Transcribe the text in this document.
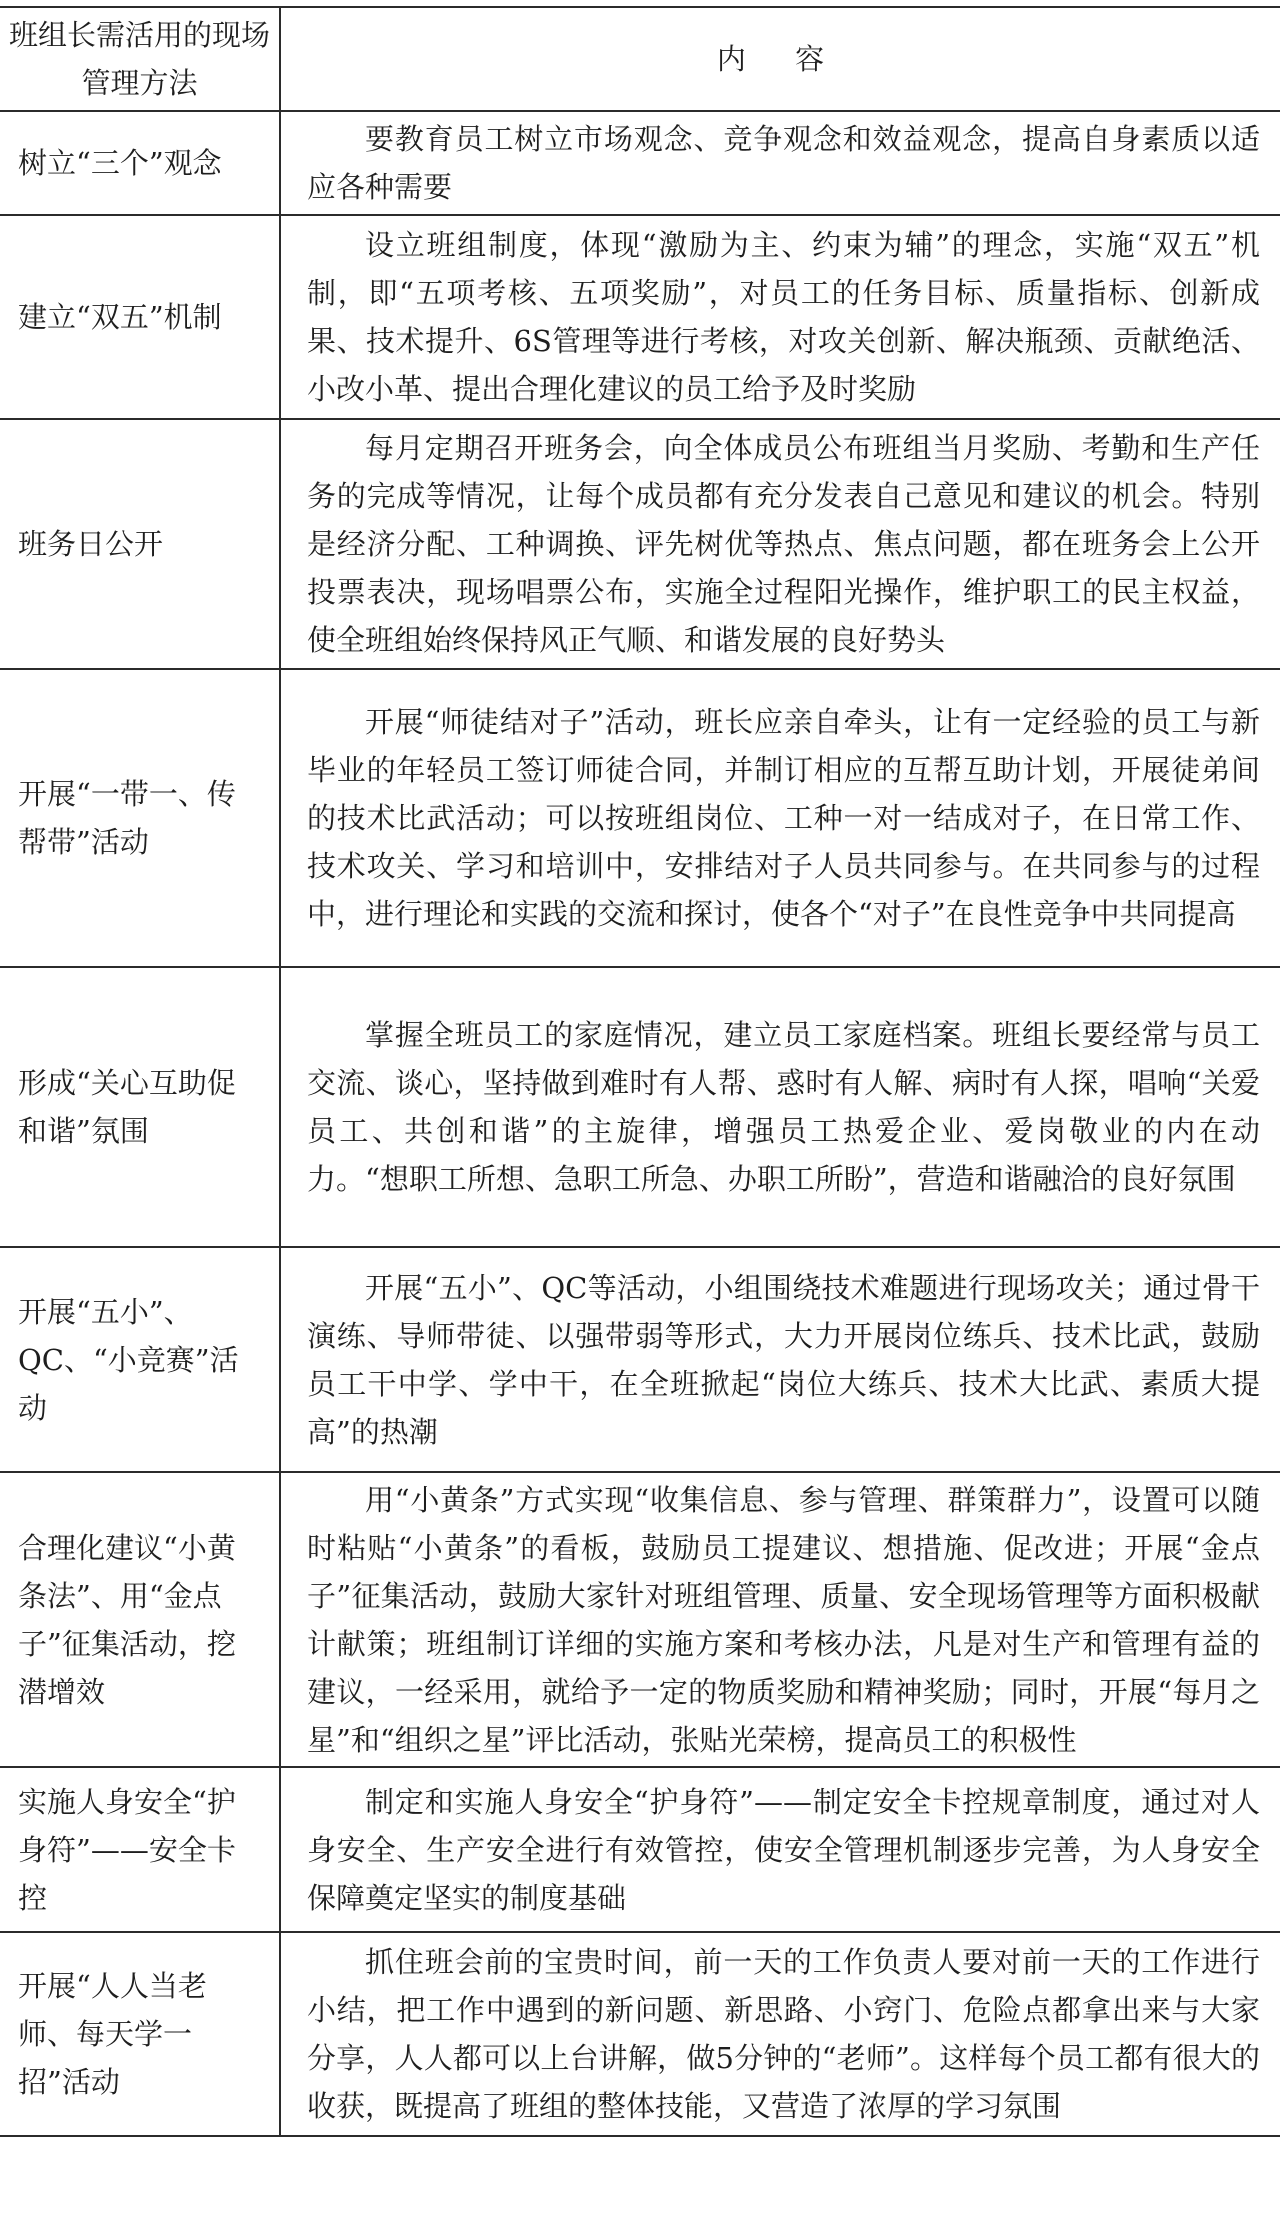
班组长需活用的现场管理方法	内 容
树立“三个”观念	要教育员工树立市场观念、竞争观念和效益观念，提高自身素质以适应各种需要
建立“双五”机制	设立班组制度，体现“激励为主、约束为辅”的理念，实施“双五”机制，即“五项考核、五项奖励”，对员工的任务目标、质量指标、创新成果、技术提升、6S管理等进行考核，对攻关创新、解决瓶颈、贡献绝活、小改小革、提出合理化建议的员工给予及时奖励
班务日公开	每月定期召开班务会，向全体成员公布班组当月奖励、考勤和生产任务的完成等情况，让每个成员都有充分发表自己意见和建议的机会。特别是经济分配、工种调换、评先树优等热点、焦点问题，都在班务会上公开投票表决，现场唱票公布，实施全过程阳光操作，维护职工的民主权益，使全班组始终保持风正气顺、和谐发展的良好势头
开展“一带一、传帮带”活动	开展“师徒结对子”活动，班长应亲自牵头，让有一定经验的员工与新毕业的年轻员工签订师徒合同，并制订相应的互帮互助计划，开展徒弟间的技术比武活动；可以按班组岗位、工种一对一结成对子，在日常工作、技术攻关、学习和培训中，安排结对子人员共同参与。在共同参与的过程中，进行理论和实践的交流和探讨，使各个“对子”在良性竞争中共同提高
形成“关心互助促和谐”氛围	掌握全班员工的家庭情况，建立员工家庭档案。班组长要经常与员工交流、谈心，坚持做到难时有人帮、惑时有人解、病时有人探，唱响“关爱员工、共创和谐”的主旋律，增强员工热爱企业、爱岗敬业的内在动力。“想职工所想、急职工所急、办职工所盼”，营造和谐融洽的良好氛围
开展“五小”、QC、“小竞赛”活动	开展“五小”、QC等活动，小组围绕技术难题进行现场攻关；通过骨干演练、导师带徒、以强带弱等形式，大力开展岗位练兵、技术比武，鼓励员工干中学、学中干，在全班掀起“岗位大练兵、技术大比武、素质大提高”的热潮
合理化建议“小黄条法”、用“金点子”征集活动，挖潜增效	用“小黄条”方式实现“收集信息、参与管理、群策群力”，设置可以随时粘贴“小黄条”的看板，鼓励员工提建议、想措施、促改进；开展“金点子”征集活动，鼓励大家针对班组管理、质量、安全现场管理等方面积极献计献策；班组制订详细的实施方案和考核办法，凡是对生产和管理有益的建议，一经采用，就给予一定的物质奖励和精神奖励；同时，开展“每月之星”和“组织之星”评比活动，张贴光荣榜，提高员工的积极性
实施人身安全“护身符”——安全卡控	制定和实施人身安全“护身符”——制定安全卡控规章制度，通过对人身安全、生产安全进行有效管控，使安全管理机制逐步完善，为人身安全保障奠定坚实的制度基础
开展“人人当老师、每天学一招”活动	抓住班会前的宝贵时间，前一天的工作负责人要对前一天的工作进行小结，把工作中遇到的新问题、新思路、小窍门、危险点都拿出来与大家分享，人人都可以上台讲解，做5分钟的“老师”。这样每个员工都有很大的收获，既提高了班组的整体技能，又营造了浓厚的学习氛围
